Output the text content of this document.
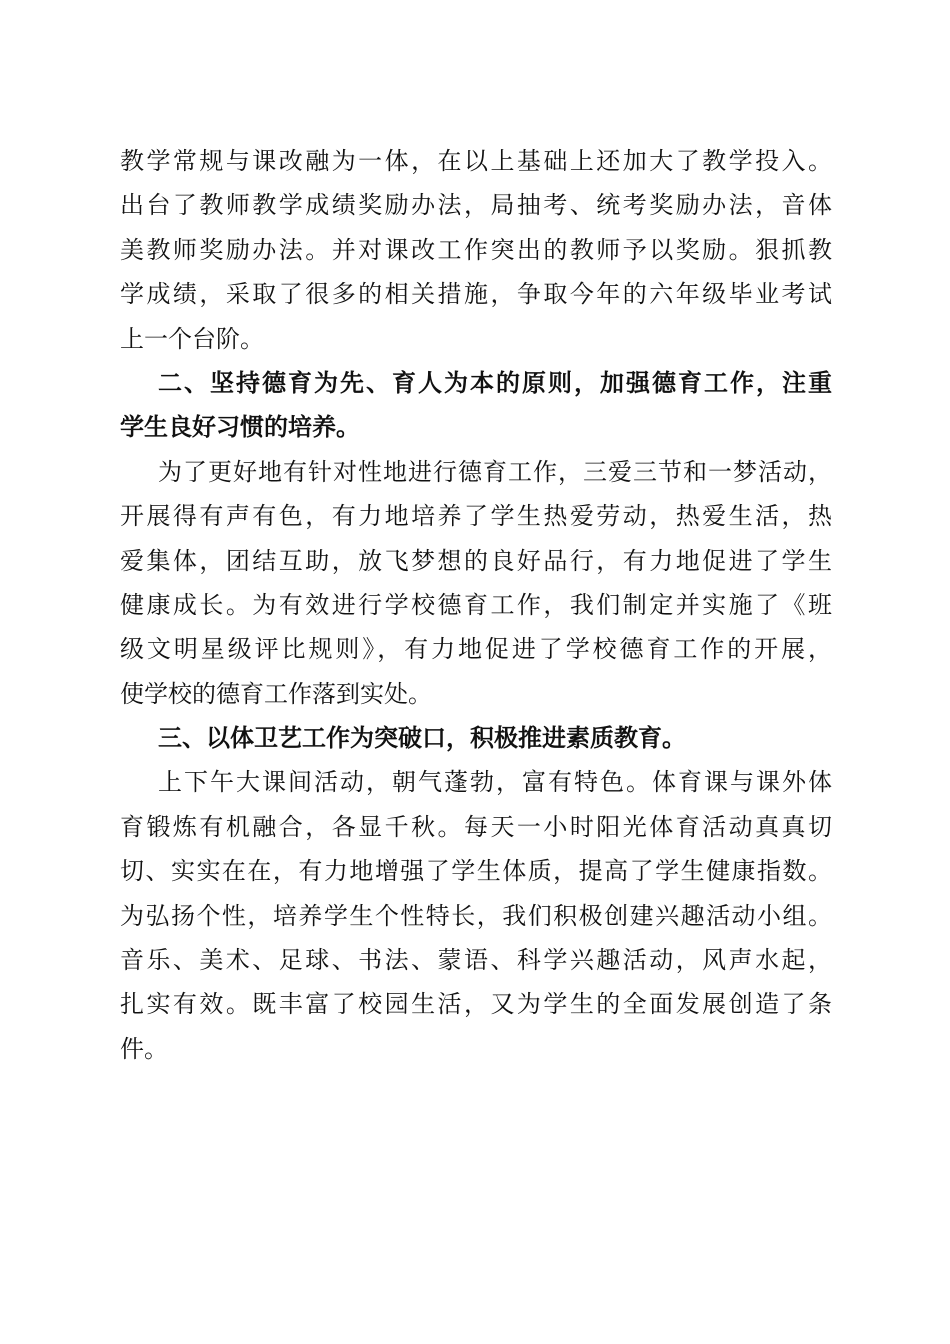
教学常规与课改融为一体，在以上基础上还加大了教学投入。
出台了教师教学成绩奖励办法，局抽考、统考奖励办法，音体
美教师奖励办法。并对课改工作突出的教师予以奖励。狠抓教
学成绩，采取了很多的相关措施，争取今年的六年级毕业考试
上一个台阶。
二、坚持德育为先、育人为本的原则，加强德育工作，注重
学生良好习惯的培养。
为了更好地有针对性地进行德育工作，三爱三节和一梦活动，
开展得有声有色，有力地培养了学生热爱劳动，热爱生活，热
爱集体，团结互助，放飞梦想的良好品行，有力地促进了学生
健康成长。为有效进行学校德育工作，我们制定并实施了《班
级文明星级评比规则》，有力地促进了学校德育工作的开展，
使学校的德育工作落到实处。
三、以体卫艺工作为突破口，积极推进素质教育。
上下午大课间活动，朝气蓬勃，富有特色。体育课与课外体
育锻炼有机融合，各显千秋。每天一小时阳光体育活动真真切
切、实实在在，有力地增强了学生体质，提高了学生健康指数。
为弘扬个性，培养学生个性特长，我们积极创建兴趣活动小组。
音乐、美术、足球、书法、蒙语、科学兴趣活动，风声水起，
扎实有效。既丰富了校园生活，又为学生的全面发展创造了条
件。
